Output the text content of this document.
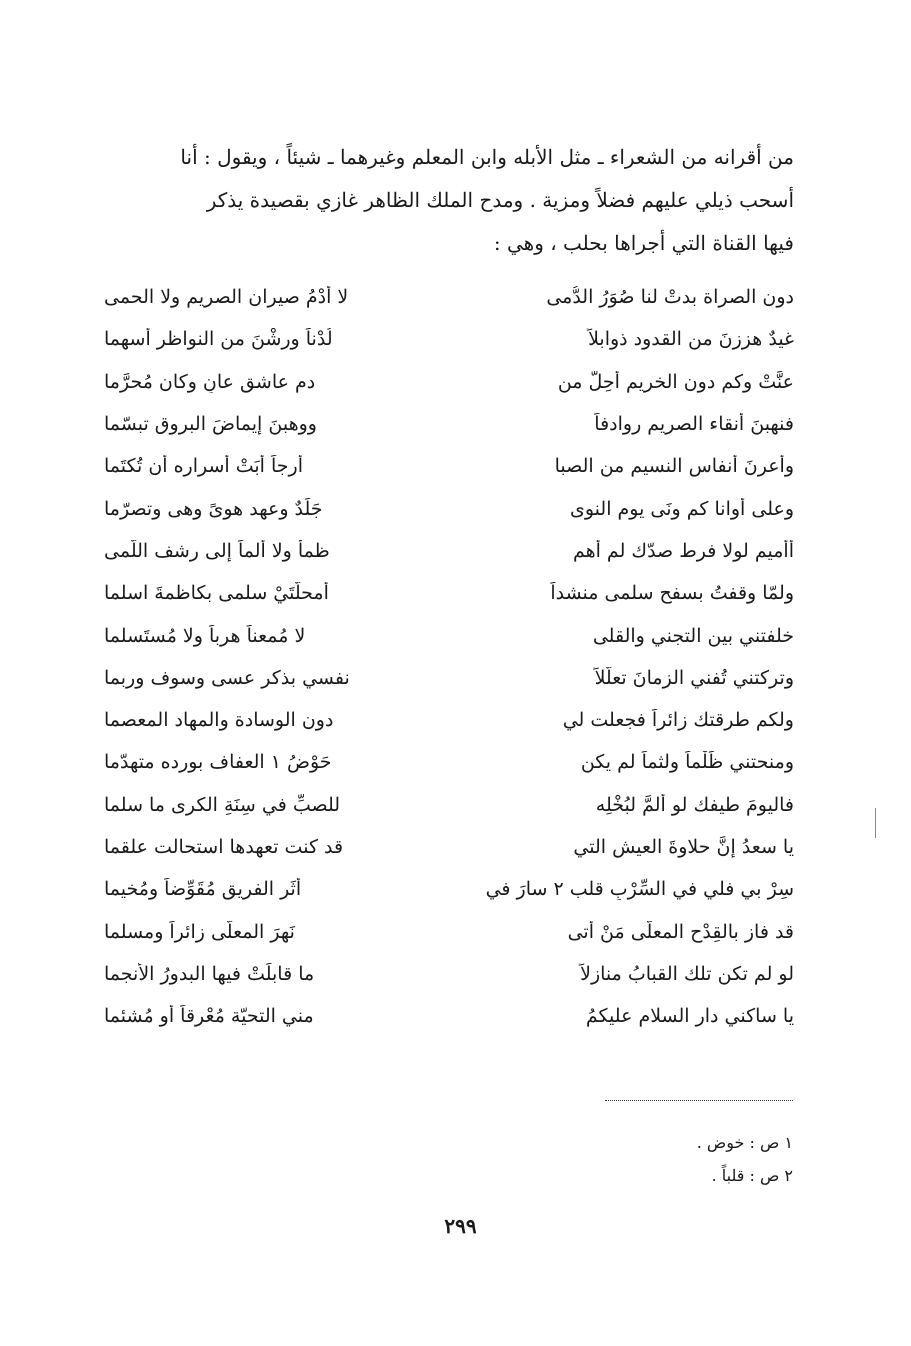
من أقرانه من الشعراء ـ مثل الأبله وابن المعلم وغيرهما ـ شيئاً ، ويقول : أنا

أسحب ذيلي عليهم فضلاً ومزية . ومدح الملك الظاهر غازي بقصيدة يذكر

فيها القناة التي أجراها بحلب ، وهي :

دون الصراة بدتْ لنا صُوَرُ الدُّمى
لا أُدْمُ صيران الصريم ولا الحمى
غيدٌ هززنَ من القدود ذوابلاً
لُدْناً ورشْنَ من النواظر أسهما
عنَّتْ وكم دون الخريم أُحِلَّ من
دم عاشق عانٍ وكان مُحرَّما
فنهبنَ أنقاء الصريم روادفاً
ووهبنَ إيماضَ البروقِ تبسّما
وأعرنَ أنفاس النسيم من الصبا
أرجاً أبَتْ أسراره أن تُكتَما
وعلى أوانا كم ونَى يوم النوى
جَلَدٌ وعهد هوىً وهى وتصرّما
أأميم لولا فرط صدّك لم أهم
ظمأً ولا ألماً إلى رشف اللّمى
ولمّا وقفتُ بسفح سلمى منشداً
أمحلَّتَيْ سلمى بكاظمةَ اسلما
خلفتني بين التجني والقلى
لا مُمعناً هرباً ولا مُستَسلما
وتركتني تُفني الزمانَ تعلّلاً
نفسي بذكر عسى وسوف وربما
ولكم طرقتك زائراً فجعلت لي
دون الوسادة والمهاد المعصما
ومنحتني ظَلْماً ولثماً لم يكن
حَوْضُ ١ العفاف بورده متهدّما
فاليومَ طيفك لو ألمَّ لبُخْلِه
للصبِّ في سِنَةِ الكرى ما سلما
يا سعدُ إنَّ حلاوةَ العيشِ التي
قد كنت تعهدها استحالت علقما
سِرْ بي فلي في السِّرْبِ قلب ٢ سارَ في
أثَرِ الفريق مُقَوِّضاً ومُخيما
قد فاز بالقِدْحِ المعلّى مَنْ أتى
نَهرَ المعلّى زائراً ومسلما
لو لم تكن تلك القبابُ منازلاً
ما قابلَتْ فيها البدورُ الأنجما
يا ساكني دار السلام عليكمُ
مني التحيّة مُعْرِقاً أو مُشئما
١ ص : خوض .
٢ ص : قلباً .
٢٩٩
